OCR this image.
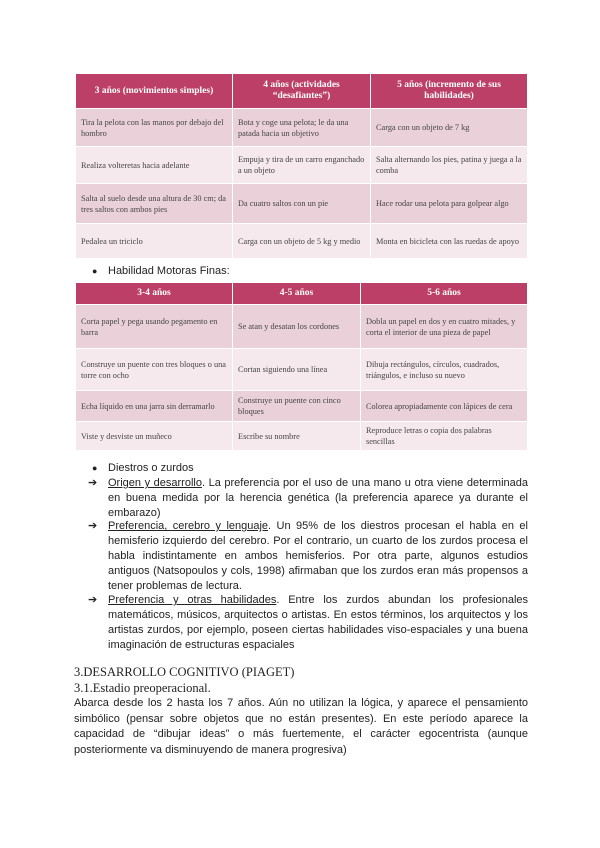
3 años (movimientos simples)	4 años (actividades “desafiantes”)	5 años (incremento de sus habilidades)
Tira la pelota con las manos por debajo del hombro	Bota y coge una pelota; le da una patada hacia un objetivo	Carga con un objeto de 7 kg
Realiza volteretas hacia adelante	Empuja y tira de un carro enganchado a un objeto	Salta alternando los pies, patina y juega a la comba
Salta al suelo desde una altura de 30 cm; da tres saltos con ambos pies	Da cuatro saltos con un pie	Hace rodar una pelota para golpear algo
Pedalea un triciclo	Carga con un objeto de 5 kg y medio	Monta en bicicleta con las ruedas de apoyo
● Habilidad Motoras Finas:
3-4 años	4-5 años	5-6 años
Corta papel y pega usando pegamento en barra	Se atan y desatan los cordones	Dobla un papel en dos y en cuatro mitades, y corta el interior de una pieza de papel
Construye un puente con tres bloques o una torre con ocho	Cortan siguiendo una línea	Dibuja rectángulos, círculos, cuadrados, triángulos, e incluso su nuevo
Echa líquido en una jarra sin derramarlo	Construye un puente con cinco bloques	Colorea apropiadamente con lápices de cera
Viste y desviste un muñeco	Escribe su nombre	Reproduce letras o copia dos palabras sencillas
● Diestros o zurdos
➔ Origen y desarrollo. La preferencia por el uso de una mano u otra viene determinada en buena medida por la herencia genética (la preferencia aparece ya durante el embarazo)
➔ Preferencia, cerebro y lenguaje. Un 95% de los diestros procesan el habla en el hemisferio izquierdo del cerebro. Por el contrario, un cuarto de los zurdos procesa el habla indistintamente en ambos hemisferios. Por otra parte, algunos estudios antiguos (Natsopoulos y cols, 1998) afirmaban que los zurdos eran más propensos a tener problemas de lectura.
➔ Preferencia y otras habilidades. Entre los zurdos abundan los profesionales matemáticos, músicos, arquitectos o artistas. En estos términos, los arquitectos y los artistas zurdos, por ejemplo, poseen ciertas habilidades viso-espaciales y una buena imaginación de estructuras espaciales
3.DESARROLLO COGNITIVO (PIAGET)
3.1.Estadio preoperacional.
Abarca desde los 2 hasta los 7 años. Aún no utilizan la lógica, y aparece el pensamiento simbólico (pensar sobre objetos que no están presentes). En este período aparece la capacidad de “dibujar ideas” o más fuertemente, el carácter egocentrista (aunque posteriormente va disminuyendo de manera progresiva)
